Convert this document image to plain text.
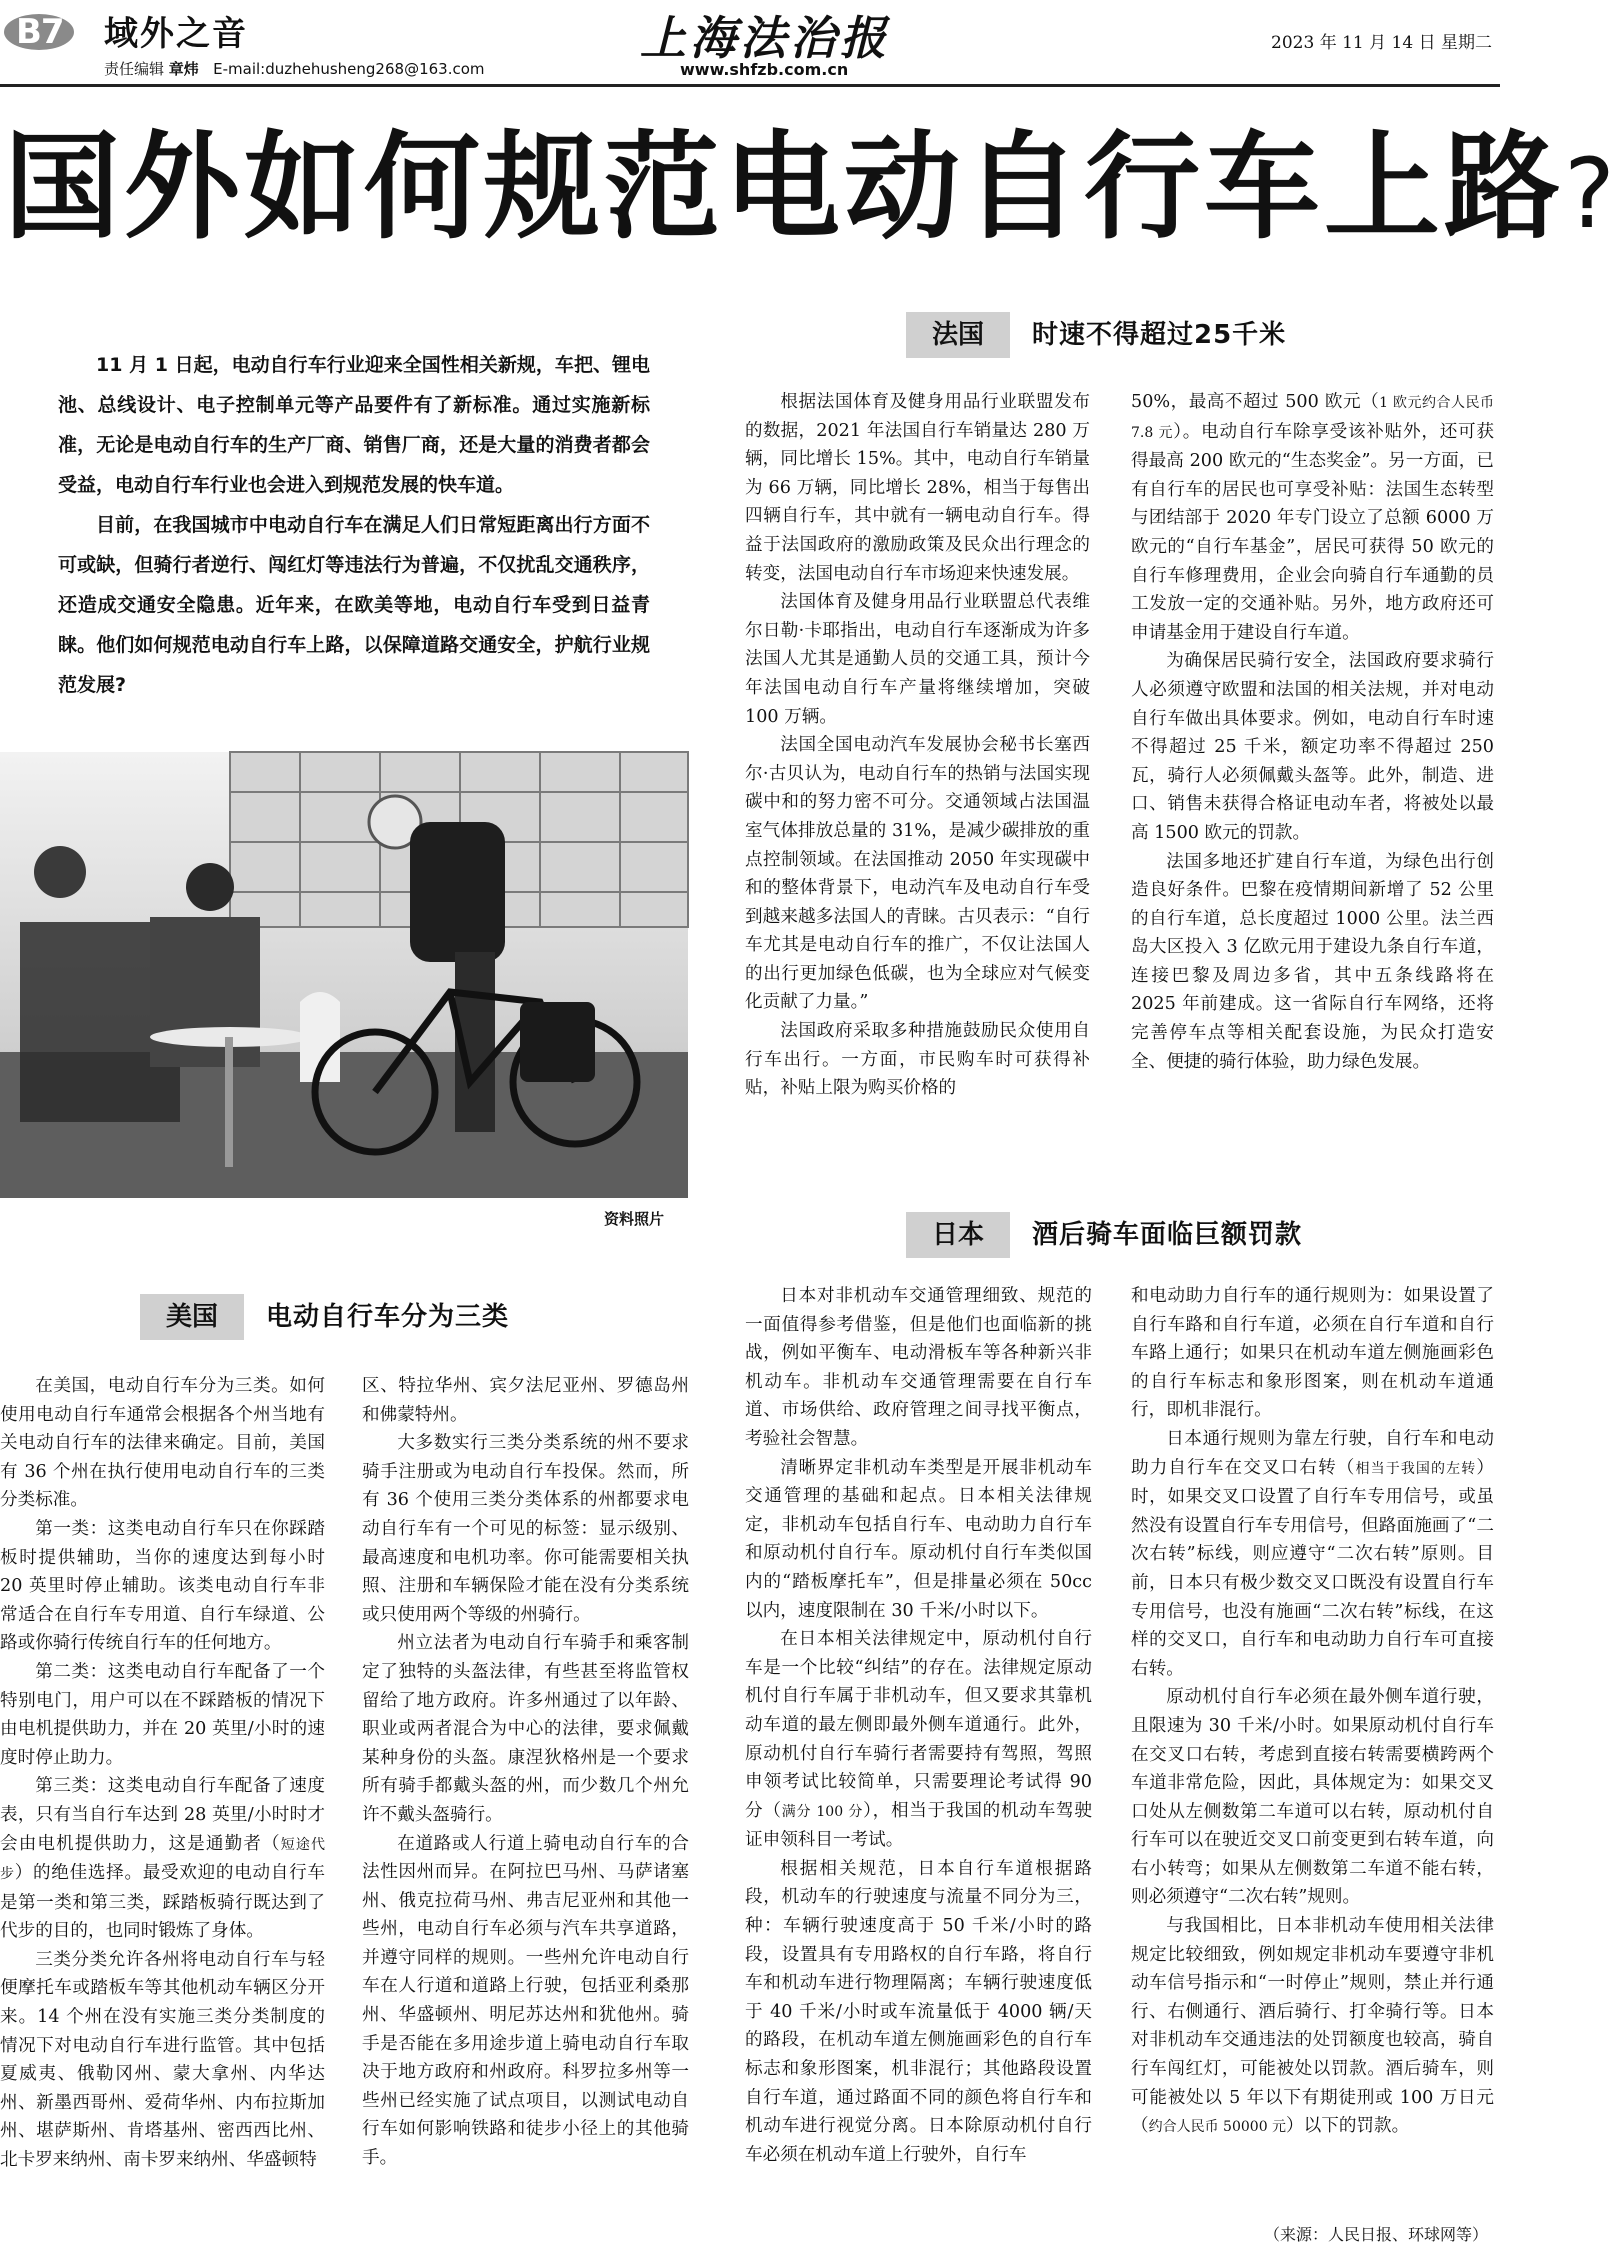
B7 域外之音
责任编辑 章炜 E-mail:duzhehusheng268@163.com
上海法治报
www.shfzb.com.cn
2023 年 11 月 14 日 星期二
国外如何规范电动自行车上路?

11 月 1 日起，电动自行车行业迎来全国性相关新规，车把、锂电池、总线设计、电子控制单元等产品要件有了新标准。通过实施新标准，无论是电动自行车的生产厂商、销售厂商，还是大量的消费者都会受益，电动自行车行业也会进入到规范发展的快车道。

目前，在我国城市中电动自行车在满足人们日常短距离出行方面不可或缺，但骑行者逆行、闯红灯等违法行为普遍，不仅扰乱交通秩序，还造成交通安全隐患。近年来，在欧美等地，电动自行车受到日益青睐。他们如何规范电动自行车上路，以保障道路交通安全，护航行业规范发展?

资料照片
法国	时速不得超过25千米

根据法国体育及健身用品行业联盟发布的数据，2021 年法国自行车销量达 280 万辆，同比增长 15%。其中，电动自行车销量为 66 万辆，同比增长 28%，相当于每售出四辆自行车，其中就有一辆电动自行车。得益于法国政府的激励政策及民众出行理念的转变，法国电动自行车市场迎来快速发展。

法国体育及健身用品行业联盟总代表维尔日勒·卡耶指出，电动自行车逐渐成为许多法国人尤其是通勤人员的交通工具，预计今年法国电动自行车产量将继续增加，突破 100 万辆。

法国全国电动汽车发展协会秘书长塞西尔·古贝认为，电动自行车的热销与法国实现碳中和的努力密不可分。交通领域占法国温室气体排放总量的 31%，是减少碳排放的重点控制领域。在法国推动 2050 年实现碳中和的整体背景下，电动汽车及电动自行车受到越来越多法国人的青睐。古贝表示：“自行车尤其是电动自行车的推广，不仅让法国人的出行更加绿色低碳，也为全球应对气候变化贡献了力量。”

法国政府采取多种措施鼓励民众使用自行车出行。一方面，市民购车时可获得补贴，补贴上限为购买价格的

50%，最高不超过 500 欧元（1 欧元约合人民币 7.8 元）。电动自行车除享受该补贴外，还可获得最高 200 欧元的“生态奖金”。另一方面，已有自行车的居民也可享受补贴：法国生态转型与团结部于 2020 年专门设立了总额 6000 万欧元的“自行车基金”，居民可获得 50 欧元的自行车修理费用，企业会向骑自行车通勤的员工发放一定的交通补贴。另外，地方政府还可申请基金用于建设自行车道。

为确保居民骑行安全，法国政府要求骑行人必须遵守欧盟和法国的相关法规，并对电动自行车做出具体要求。例如，电动自行车时速不得超过 25 千米，额定功率不得超过 250 瓦，骑行人必须佩戴头盔等。此外，制造、进口、销售未获得合格证电动车者，将被处以最高 1500 欧元的罚款。

法国多地还扩建自行车道，为绿色出行创造良好条件。巴黎在疫情期间新增了 52 公里的自行车道，总长度超过 1000 公里。法兰西岛大区投入 3 亿欧元用于建设九条自行车道，连接巴黎及周边多省，其中五条线路将在 2025 年前建成。这一省际自行车网络，还将完善停车点等相关配套设施，为民众打造安全、便捷的骑行体验，助力绿色发展。

美国	电动自行车分为三类

在美国，电动自行车分为三类。如何使用电动自行车通常会根据各个州当地有关电动自行车的法律来确定。目前，美国有 36 个州在执行使用电动自行车的三类分类标准。

第一类：这类电动自行车只在你踩踏板时提供辅助，当你的速度达到每小时 20 英里时停止辅助。该类电动自行车非常适合在自行车专用道、自行车绿道、公路或你骑行传统自行车的任何地方。

第二类：这类电动自行车配备了一个特别电门，用户可以在不踩踏板的情况下由电机提供助力，并在 20 英里/小时的速度时停止助力。

第三类：这类电动自行车配备了速度表，只有当自行车达到 28 英里/小时时才会由电机提供助力，这是通勤者（短途代步）的绝佳选择。最受欢迎的电动自行车是第一类和第三类，踩踏板骑行既达到了代步的目的，也同时锻炼了身体。

三类分类允许各州将电动自行车与轻便摩托车或踏板车等其他机动车辆区分开来。14 个州在没有实施三类分类制度的情况下对电动自行车进行监管。其中包括夏威夷、俄勒冈州、蒙大拿州、内华达州、新墨西哥州、爱荷华州、内布拉斯加州、堪萨斯州、肯塔基州、密西西比州、北卡罗来纳州、南卡罗来纳州、华盛顿特

区、特拉华州、宾夕法尼亚州、罗德岛州和佛蒙特州。

大多数实行三类分类系统的州不要求骑手注册或为电动自行车投保。然而，所有 36 个使用三类分类体系的州都要求电动自行车有一个可见的标签：显示级别、最高速度和电机功率。你可能需要相关执照、注册和车辆保险才能在没有分类系统或只使用两个等级的州骑行。

州立法者为电动自行车骑手和乘客制定了独特的头盔法律，有些甚至将监管权留给了地方政府。许多州通过了以年龄、职业或两者混合为中心的法律，要求佩戴某种身份的头盔。康涅狄格州是一个要求所有骑手都戴头盔的州，而少数几个州允许不戴头盔骑行。

在道路或人行道上骑电动自行车的合法性因州而异。在阿拉巴马州、马萨诸塞州、俄克拉荷马州、弗吉尼亚州和其他一些州，电动自行车必须与汽车共享道路，并遵守同样的规则。一些州允许电动自行车在人行道和道路上行驶，包括亚利桑那州、华盛顿州、明尼苏达州和犹他州。骑手是否能在多用途步道上骑电动自行车取决于地方政府和州政府。科罗拉多州等一些州已经实施了试点项目，以测试电动自行车如何影响铁路和徒步小径上的其他骑手。

日本	酒后骑车面临巨额罚款

日本对非机动车交通管理细致、规范的一面值得参考借鉴，但是他们也面临新的挑战，例如平衡车、电动滑板车等各种新兴非机动车。非机动车交通管理需要在自行车道、市场供给、政府管理之间寻找平衡点，考验社会智慧。

清晰界定非机动车类型是开展非机动车交通管理的基础和起点。日本相关法律规定，非机动车包括自行车、电动助力自行车和原动机付自行车。原动机付自行车类似国内的“踏板摩托车”，但是排量必须在 50cc 以内，速度限制在 30 千米/小时以下。

在日本相关法律规定中，原动机付自行车是一个比较“纠结”的存在。法律规定原动机付自行车属于非机动车，但又要求其靠机动车道的最左侧即最外侧车道通行。此外，原动机付自行车骑行者需要持有驾照，驾照申领考试比较简单，只需要理论考试得 90 分（满分 100 分），相当于我国的机动车驾驶证申领科目一考试。

根据相关规范，日本自行车道根据路段，机动车的行驶速度与流量不同分为三，种：车辆行驶速度高于 50 千米/小时的路段，设置具有专用路权的自行车路，将自行车和机动车进行物理隔离；车辆行驶速度低于 40 千米/小时或车流量低于 4000 辆/天的路段，在机动车道左侧施画彩色的自行车标志和象形图案，机非混行；其他路段设置自行车道，通过路面不同的颜色将自行车和机动车进行视觉分离。日本除原动机付自行车必须在机动车道上行驶外，自行车

和电动助力自行车的通行规则为：如果设置了自行车路和自行车道，必须在自行车道和自行车路上通行；如果只在机动车道左侧施画彩色的自行车标志和象形图案，则在机动车道通行，即机非混行。

日本通行规则为靠左行驶，自行车和电动助力自行车在交叉口右转（相当于我国的左转）时，如果交叉口设置了自行车专用信号，或虽然没有设置自行车专用信号，但路面施画了“二次右转”标线，则应遵守“二次右转”原则。目前，日本只有极少数交叉口既没有设置自行车专用信号，也没有施画“二次右转”标线，在这样的交叉口，自行车和电动助力自行车可直接右转。

原动机付自行车必须在最外侧车道行驶，且限速为 30 千米/小时。如果原动机付自行车在交叉口右转，考虑到直接右转需要横跨两个车道非常危险，因此，具体规定为：如果交叉口处从左侧数第二车道可以右转，原动机付自行车可以在驶近交叉口前变更到右转车道，向右小转弯；如果从左侧数第二车道不能右转，则必须遵守“二次右转”规则。

与我国相比，日本非机动车使用相关法律规定比较细致，例如规定非机动车要遵守非机动车信号指示和“一时停止”规则，禁止并行通行、右侧通行、酒后骑行、打伞骑行等。日本对非机动车交通违法的处罚额度也较高，骑自行车闯红灯，可能被处以罚款。酒后骑车，则可能被处以 5 年以下有期徒刑或 100 万日元（约合人民币 50000 元）以下的罚款。

（来源：人民日报、环球网等）
